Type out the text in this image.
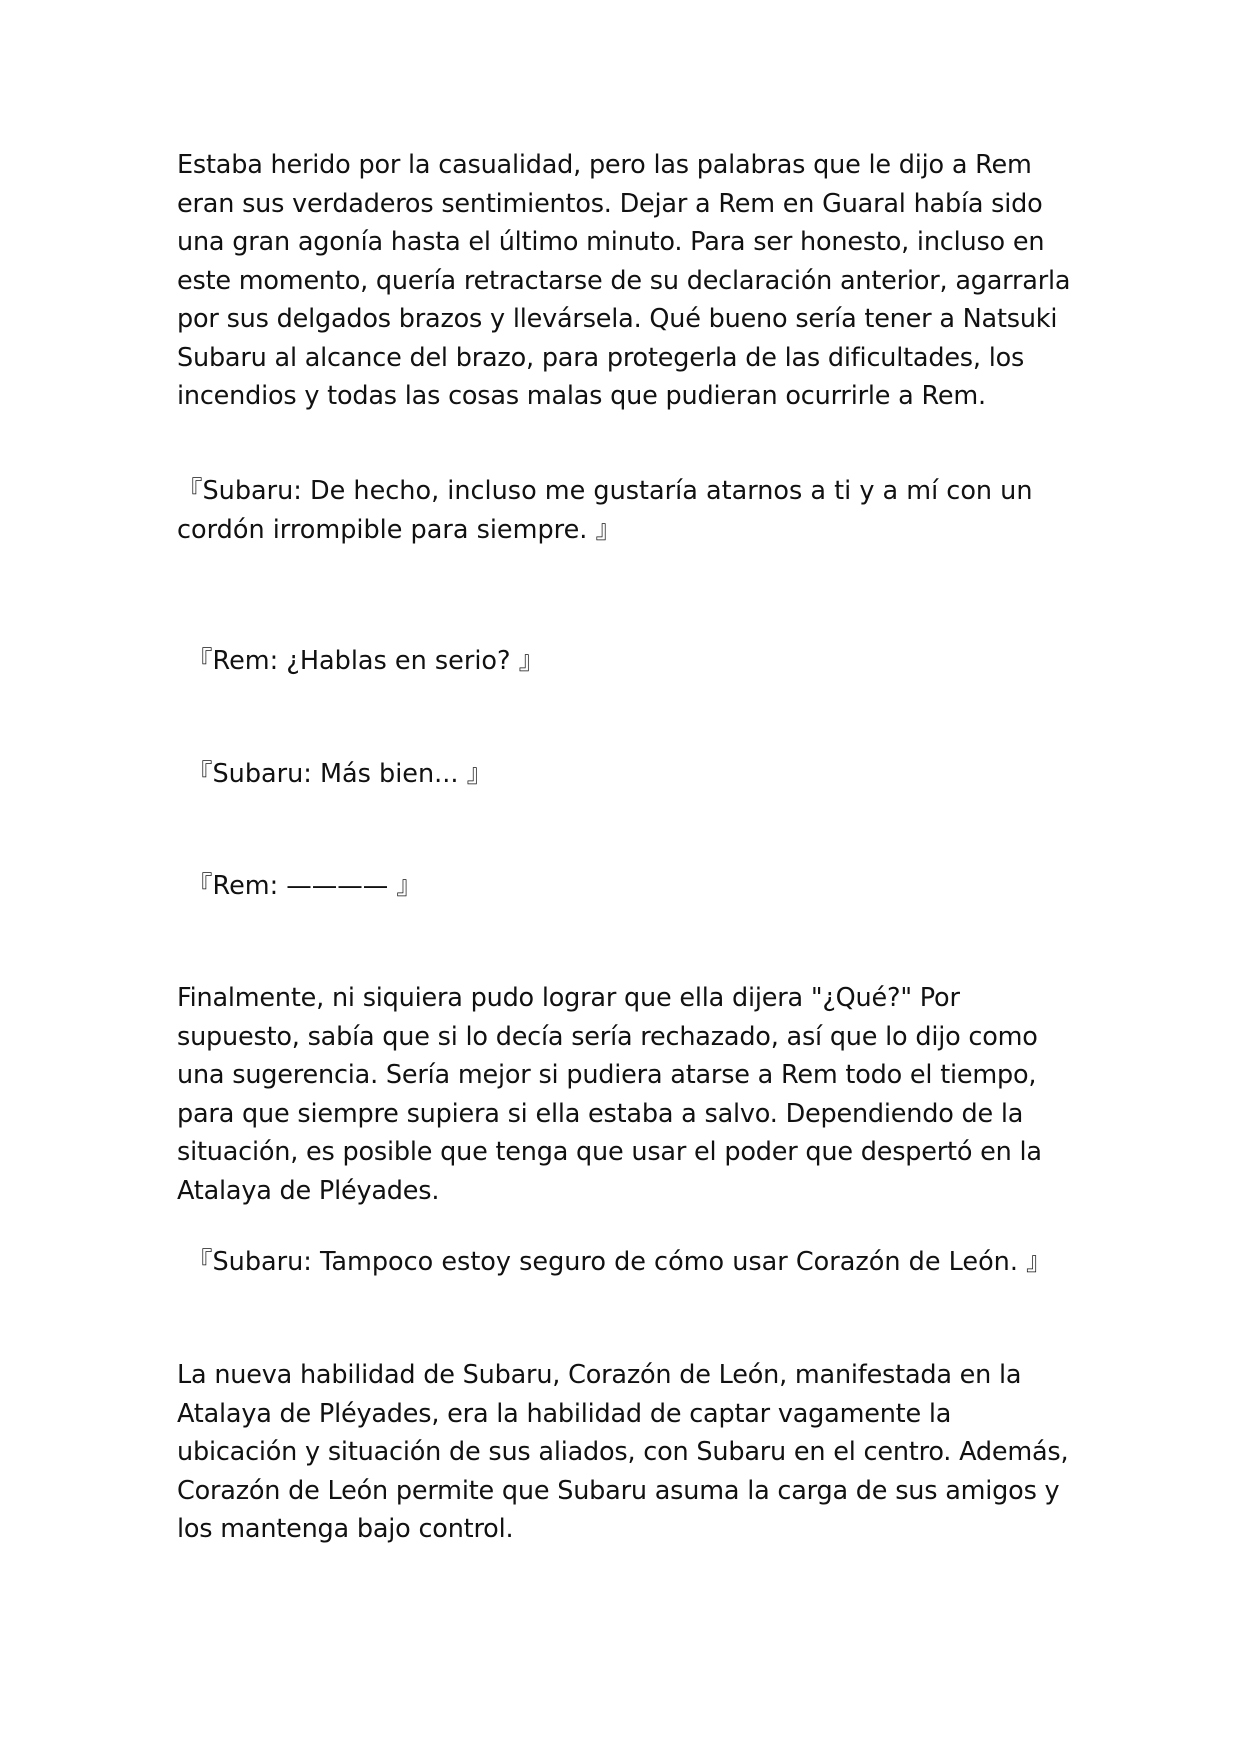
Estaba herido por la casualidad, pero las palabras que le dijo a Rem eran sus verdaderos sentimientos. Dejar a Rem en Guaral había sido una gran agonía hasta el último minuto. Para ser honesto, incluso en este momento, quería retractarse de su declaración anterior, agarrarla por sus delgados brazos y llevársela. Qué bueno sería tener a Natsuki Subaru al alcance del brazo, para protegerla de las dificultades, los incendios y todas las cosas malas que pudieran ocurrirle a Rem.

『Subaru: De hecho, incluso me gustaría atarnos a ti y a mí con un cordón irrompible para siempre. 』

『Rem: ¿Hablas en serio? 』

『Subaru: Más bien... 』

『Rem: ———— 』

Finalmente, ni siquiera pudo lograr que ella dijera "¿Qué?" Por supuesto, sabía que si lo decía sería rechazado, así que lo dijo como una sugerencia. Sería mejor si pudiera atarse a Rem todo el tiempo, para que siempre supiera si ella estaba a salvo. Dependiendo de la situación, es posible que tenga que usar el poder que despertó en la Atalaya de Pléyades.

『Subaru: Tampoco estoy seguro de cómo usar Corazón de León. 』

La nueva habilidad de Subaru, Corazón de León, manifestada en la Atalaya de Pléyades, era la habilidad de captar vagamente la ubicación y situación de sus aliados, con Subaru en el centro. Además, Corazón de León permite que Subaru asuma la carga de sus amigos y los mantenga bajo control.
